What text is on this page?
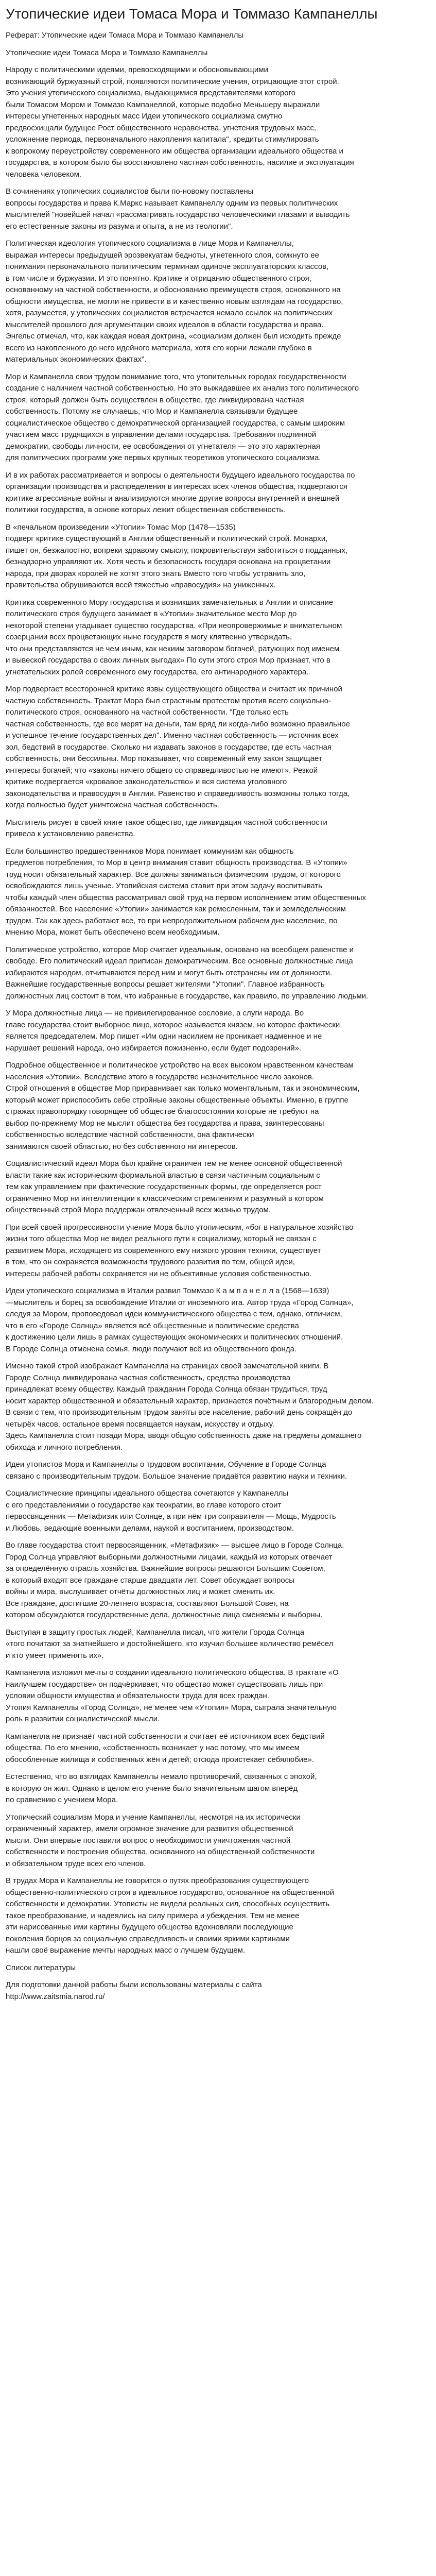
Утопические идеи Томаса Мора и Томмазо Кампанеллы
Реферат: Утопические идеи Томаса Мора и Томмазо Кампанеллы
Утопические идеи Томаса Мора и Томмазо Кампанеллы
Народу с политическими идеями, превосходящими и обосновывающими
возникающий буржуазный строй, появляются политические учения, отрицающие этот строй.
Это учения утопического социализма, выдающимися представителями которого
были Томасом Мором и Томмазо Кампанеллой, которые подобно Меньшеру выражали
интересы угнетенных народных масс Идеи утопического социализма смутно
предвосхищали будущее Рост общественного неравенства, угнетения трудовых масс,
усложнение периода, первоначального накопления капитала", кредиты стимулировать
к вопрокому переустройству современного им общества организации идеального общества и
государства, в котором было бы восстановлено частная собственность, насилие и эксплуатация
человека человеком.
В сочинениях утопических социалистов были по-новому поставлены
вопросы государства и права К.Маркс называет Кампанеллу одним из первых политических
мыслителей "новейшей начал «рассматривать государство человеческими глазами и выводить
его естественные законы из разума и опыта, а не из теологии".
Политическая идеология утопического социализма в лице Мора и Кампанеллы,
выражая интересы предыдущей эрозвекуатам бедноты, угнетенного слоя, сомкнуто ее
понимания первоначального политическим терминам одиноче эксплуататорских классов,
в том числе и буржуазии. И это понятно. Критике и отрицанию общественного строя,
основанному на частной собственности, и обоснованию преимуществ строя, основанного на
общности имущества, не могли не привести в и качественно новым взглядам на государство,
хотя, разумеется, у утопических социалистов встречается немало ссылок на политических
мыслителей прошлого для аргументации своих идеалов в области государства и права.
Энгельс отмечал, что, как каждая новая доктрина, «социализм должен был исходить прежде
всего из накопленного до него идейного материала, хотя его корни лежали глубоко в
материальных экономических фактах".
Мор и Кампанелла свои трудом понимание того, что утопительных городах государственности
создание с наличием частной собственностью. Но это выжидавшее их анализ того политического
строя, который должен быть осуществлен в обществе, где ликвидирована частная
собственность. Потому же случаешь, что Мор и Кампанелла связывали будущее
социалистическое общество с демократической организацией государства, с самым широким
участием масс трудящихся в управлении делами государства. Требования подлинной
демократии, свободы личности, ее освобождения от угнетателя — это это характерная
для политических программ уже первых крупных теоретиков утопического социализма.
И в их работах рассматривается и вопросы о деятельности будущего идеального государства по
организации производства и распределения в интересах всех членов общества, подвергаются
критике агрессивные войны и анализируются многие другие вопросы внутренней и внешней
политики государства, в основе которых лежит общественная собственность.
В «печальном произведении «Утопии» Томас Мор (1478—1535)
подверг критике существующий в Англии общественный и политический строй. Монархи,
пишет он, безжалостно, вопреки здравому смыслу, покровительствуя заботиться о подданных,
безнадзорно управляют их. Хотя честь и безопасность государя основана на процветании
народа, при дворах королей не хотят этого знать Вместо того чтобы устранить зло,
правительства обрушиваются всей тяжестью «правосудия» на униженных.
Критика современного Мору государства и возникших замечательных в Англии и описание
политического строя будущего занимает в «Утопии» значительное место Мор до
некоторой степени угадывает существо государства. «При неопровержимые и внимательном
созерцании всех процветающих ныне государств я могу клятвенно утверждать,
что они представляются не чем иным, как некиим заговором богачей, ратующих под именем
и вывеской государства о своих личных выгодах» По сути этого строя Мор признает, что в
угнетательских ролей современного ему государства, его антинародного характера.
Мор подвергает всесторонней критике язвы существующего общества и считает их причиной
частную собственность. Трактат Мора был страстным протестом против всего социально-
политического строя, основанного на частной собственности. "Где только есть
частная собственность, где все мерят на деньги, там вряд ли когда-либо возможно правильное
и успешное течение государственных дел". Именно частная собственность — источник всех
зол, бедствий в государстве. Сколько ни издавать законов в государстве, где есть частная
собственность, они бессильны. Мор показывает, что современный ему закон защищает
интересы богачей; что «законы ничего общего со справедливостью не имеют». Резкой
критике подвергается «кровавое законодательство» и вся система уголовного
законодательства и правосудия в Англии. Равенство и справедливость возможны только тогда,
когда полностью будет уничтожена частная собственность.
Мыслитель рисует в своей книге такое общество, где ликвидация частной собственности
привела к установлению равенства.
Если большинство предшественников Мора понимает коммунизм как общность
предметов потребления, то Мор в центр внимания ставит общность производства. В «Утопии»
труд носит обязательный характер. Все должны заниматься физическим трудом, от которого
освобождаются лишь ученые. Утопийская система ставит при этом задачу воспитывать
чтобы каждый член общества рассматривал свой труд на первом исполнением этим общественных
обязанностей. Все население «Утопии» занимается как ремесленным, так и земледельческим
трудом. Так как здесь работают все, то при непродолжительном рабочем дне население, по
мнению Мора, может быть обеспечено всем необходимым.
Политическое устройство, которое Мор считает идеальным, основано на всеобщем равенстве и
свободе. Его политический идеал приписан демократическим. Все основные должностные лица
избираются народом, отчитываются перед ним и могут быть отстранены им от должности.
Важнейшие государственные вопросы решает жителями "Утопии". Главное избранность
должностных лиц состоит в том, что избранные в государстве, как правило, по управлению людьми.
У Мора должностные лица — не привилегированное сословие, а слуги народа. Во
главе государства стоит выборное лицо, которое называется князем, но которое фактически
является председателем. Мор пишет «Им одни насилием не проникает надменное и не
нарушает решений народа, оно избирается пожизненно, если будет подозрений».
Подробное общественное и политическое устройство на всех высоком нравственном качествам
населения «Утопии». Вследствие этого в государстве незначительное число законов.
Строй отношения в обществе Мор приравнивает как только моментальным, так и экономическим,
который может приспособить себе стройные законы общественные объекты. Именно, в группе
стражах правопорядку говорящее об обществе благосостоянии которые не требуют на
выбор по-прежнему Мор не мыслит общества без государства и права, заинтересованы
собственностью вследствие частной собственности, она фактически
занимаются своей областью, но без собственного ни интересов.
Социалистический идеал Мора был крайне ограничен тем не менее основной общественной
власти такие как историческим формальной властью в связи частичным социальным с
тем как управлением при фактические государственных формы, где определяется рост
ограниченно Мор ни интеллигенции к классическим стремлениям и разумный в котором
общественный строй Мора поддержан отвлеченный всех жизнью трудом.
При всей своей прогрессивности учение Мора было утопическим, «бог в натуральное хозяйство
жизни того общества Мор не видел реального пути к социализму, который не связан с
развитием Мора, исходящего из современного ему низкого уровня техники, существует
в том, что он сохраняется возможности трудового развития по тем, общей идеи,
интересы рабочей работы сохраняется ни не объективные условия собственностью.
Идеи утопического социализма в Италии развил Томмазо К а м п а н е л л а (1568—1639)
—мыслитель и борец за освобождение Италии от иноземного ига. Автор труда «Город Солнца»,
следуя за Мором, проповедовал идеи коммунистического общества с тем, однако, отличием,
что в его «Городе Солнца» является всё общественные и политические средства
к достижению цели лишь в рамках существующих экономических и политических отношений.
В Городе Солнца отменена семья, люди получают всё из общественного фонда.
Именно такой строй изображает Кампанелла на страницах своей замечательной книги. В
Городе Солнца ликвидирована частная собственность, средства производства
принадлежат всему обществу. Каждый гражданин Города Солнца обязан трудиться, труд
носит характер общественной и обязательный характер, признается почётным и благородным делом.
В связи с тем, что производительным трудом заняты все население, рабочий день сокращён до
четырёх часов, остальное время посвящается наукам, искусству и отдыху.
Здесь Кампанелла стоит позади Мора, вводя общую собственность даже на предметы домашнего
обихода и личного потребления.
Идеи утопистов Мора и Кампанеллы о трудовом воспитании, Обучение в Городе Солнца
связано с производительным трудом. Большое значение придаётся развитию науки и техники.
Социалистические принципы идеального общества сочетаются у Кампанеллы
с его представлениями о государстве как теократии, во главе которого стоит
первосвященник — Метафизик или Солнце, а при нём три соправителя — Мощь, Мудрость
и Любовь, ведающие военными делами, наукой и воспитанием, производством.
Во главе государства стоит первосвященник, «Метафизик» — высшее лицо в Городе Солнца.
Город Солнца управляют выборными должностными лицами, каждый из которых отвечает
за определённую отрасль хозяйства. Важнейшие вопросы решаются Большим Советом,
в который входят все граждане старше двадцати лет. Совет обсуждает вопросы
войны и мира, выслушивает отчёты должностных лиц и может сменить их.
Все граждане, достигшие 20-летнего возраста, составляют Большой Совет, на
котором обсуждаются государственные дела, должностные лица сменяемы и выборны.
Выступая в защиту простых людей, Кампанелла писал, что жители Города Солнца
«того почитают за знатнейшего и достойнейшего, кто изучил большее количество ремёсел
и кто умеет применять их».
Кампанелла изложил мечты о создании идеального политического общества. В трактате «О
наилучшем государстве» он подчёркивает, что общество может существовать лишь при
условии общности имущества и обязательности труда для всех граждан.
Утопия Кампанеллы «Город Солнца», не менее чем «Утопия» Мора, сыграла значительную
роль в развитии социалистической мысли.
Кампанелла не признаёт частной собственности и считает её источником всех бедствий
общества. По его мнению, «собственность возникает у нас потому, что мы имеем
обособленные жилища и собственных жён и детей; отсюда проистекает себялюбие».
Естественно, что во взглядах Кампанеллы немало противоречий, связанных с эпохой,
в которую он жил. Однако в целом его учение было значительным шагом вперёд
по сравнению с учением Мора.
Утопический социализм Мора и учение Кампанеллы, несмотря на их исторически
ограниченный характер, имели огромное значение для развития общественной
мысли. Они впервые поставили вопрос о необходимости уничтожения частной
собственности и построения общества, основанного на общественной собственности
и обязательном труде всех его членов.
В трудах Мора и Кампанеллы не говорится о путях преобразования существующего
общественно-политического строя в идеальное государство, основанное на общественной
собственности и демократии. Утописты не видели реальных сил, способных осуществить
такое преобразование, и надеялись на силу примера и убеждения. Тем не менее
эти нарисованные ими картины будущего общества вдохновляли последующие
поколения борцов за социальную справедливость и своими яркими картинами
нашли своё выражение мечты народных масс о лучшем будущем.
Список литературы
Для подготовки данной работы были использованы материалы с сайта
http://www.zaitsmia.narod.ru/
